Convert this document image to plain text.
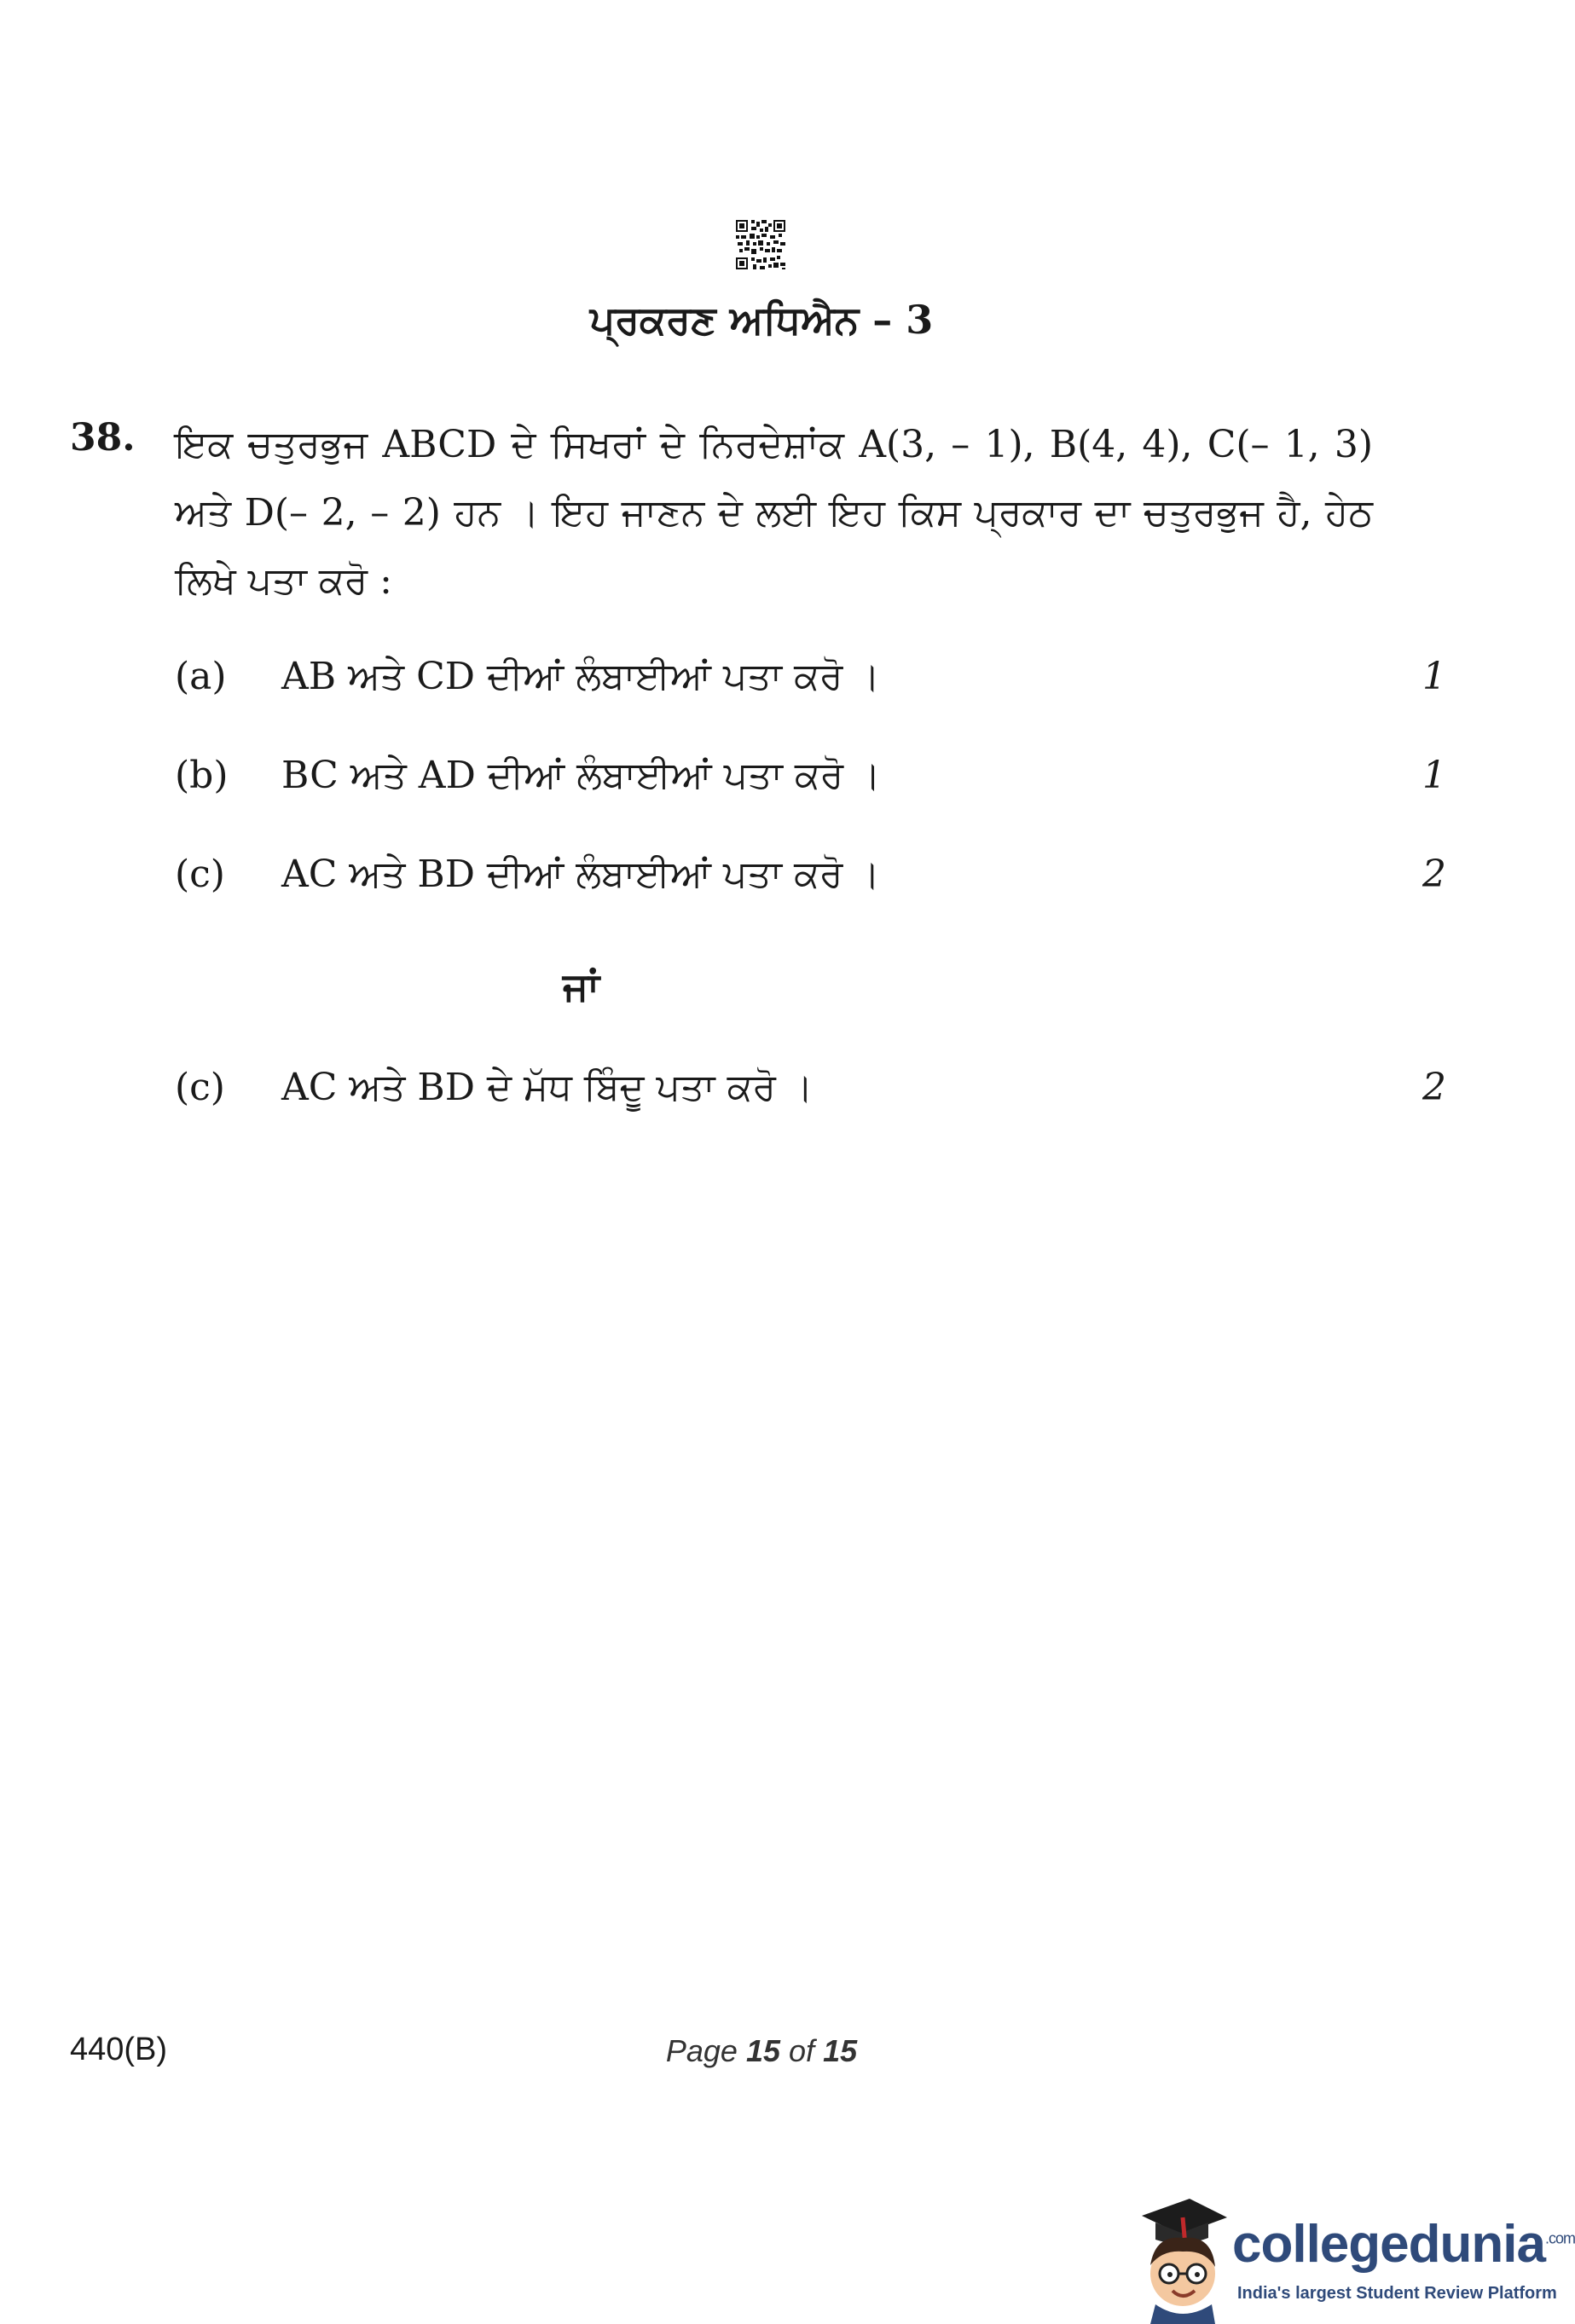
ਪ੍ਰਕਰਣ ਅਧਿਐਨ – 3
38. ਇਕ ਚਤੁਰਭੁਜ ABCD ਦੇ ਸਿਖਰਾਂ ਦੇ ਨਿਰਦੇਸ਼ਾਂਕ A(3, – 1), B(4, 4), C(– 1, 3) ਅਤੇ D(– 2, – 2) ਹਨ । ਇਹ ਜਾਣਨ ਦੇ ਲਈ ਇਹ ਕਿਸ ਪ੍ਰਕਾਰ ਦਾ ਚਤੁਰਭੁਜ ਹੈ, ਹੇਠ ਲਿਖੇ ਪਤਾ ਕਰੋ :
(a)	AB ਅਤੇ CD ਦੀਆਂ ਲੰਬਾਈਆਂ ਪਤਾ ਕਰੋ ।	1
(b)	BC ਅਤੇ AD ਦੀਆਂ ਲੰਬਾਈਆਂ ਪਤਾ ਕਰੋ ।	1
(c)	AC ਅਤੇ BD ਦੀਆਂ ਲੰਬਾਈਆਂ ਪਤਾ ਕਰੋ ।	2
ਜਾਂ
(c)	AC ਅਤੇ BD ਦੇ ਮੱਧ ਬਿੰਦੂ ਪਤਾ ਕਰੋ ।	2
440(B)	Page 15 of 15
collegedunia$^{.com}$
India's largest Student Review Platform
